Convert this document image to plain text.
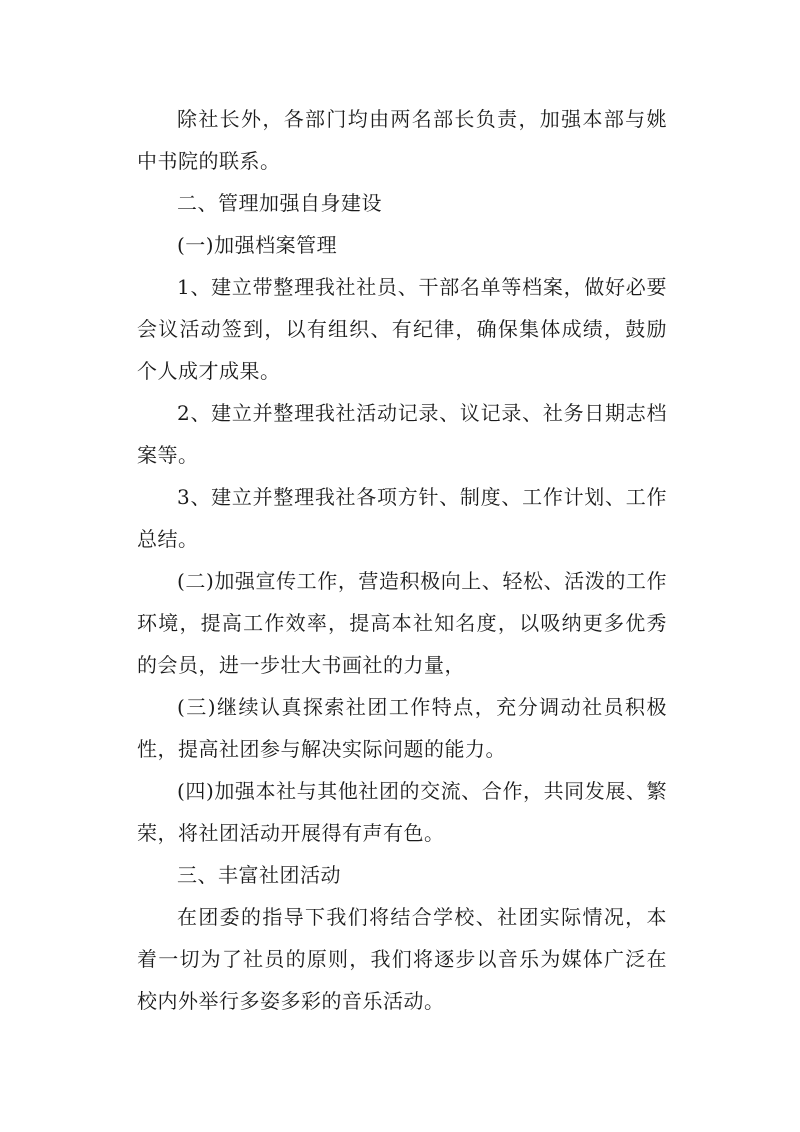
除社长外，各部门均由两名部长负责，加强本部与姚中书院的联系。

二、管理加强自身建设

(一)加强档案管理

1、建立带整理我社社员、干部名单等档案，做好必要会议活动签到，以有组织、有纪律，确保集体成绩，鼓励个人成才成果。

2、建立并整理我社活动记录、议记录、社务日期志档案等。

3、建立并整理我社各项方针、制度、工作计划、工作总结。

(二)加强宣传工作，营造积极向上、轻松、活泼的工作环境，提高工作效率，提高本社知名度，以吸纳更多优秀的会员，进一步壮大书画社的力量，

(三)继续认真探索社团工作特点，充分调动社员积极性，提高社团参与解决实际问题的能力。

(四)加强本社与其他社团的交流、合作，共同发展、繁荣，将社团活动开展得有声有色。

三、丰富社团活动

在团委的指导下我们将结合学校、社团实际情况，本着一切为了社员的原则，我们将逐步以音乐为媒体广泛在校内外举行多姿多彩的音乐活动。
